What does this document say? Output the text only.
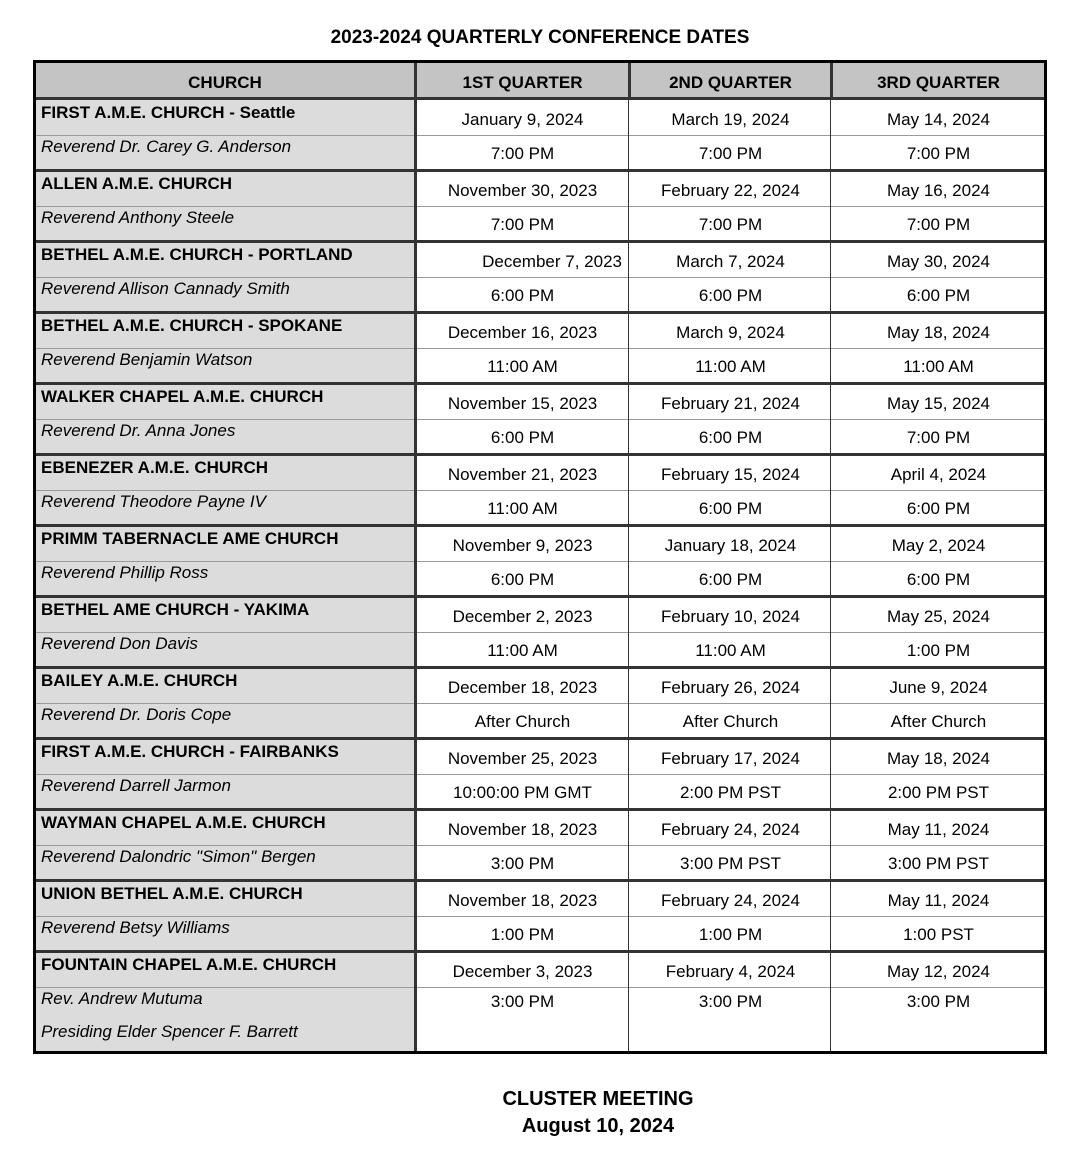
2023-2024 QUARTERLY CONFERENCE DATES
CHURCH	1ST QUARTER	2ND QUARTER	3RD QUARTER
FIRST A.M.E. CHURCH - Seattle	January 9, 2024	March 19, 2024	May 14, 2024
Reverend Dr. Carey G. Anderson	7:00 PM	7:00 PM	7:00 PM
ALLEN A.M.E. CHURCH	November 30, 2023	February 22, 2024	May 16, 2024
Reverend Anthony Steele	7:00 PM	7:00 PM	7:00 PM
BETHEL A.M.E. CHURCH - PORTLAND	December 7, 2023	March 7, 2024	May 30, 2024
Reverend Allison Cannady Smith	6:00 PM	6:00 PM	6:00 PM
BETHEL A.M.E. CHURCH - SPOKANE	December 16, 2023	March 9, 2024	May 18, 2024
Reverend Benjamin Watson	11:00 AM	11:00 AM	11:00 AM
WALKER CHAPEL A.M.E. CHURCH	November 15, 2023	February 21, 2024	May 15, 2024
Reverend Dr. Anna Jones	6:00 PM	6:00 PM	7:00 PM
EBENEZER A.M.E. CHURCH	November 21, 2023	February 15, 2024	April 4, 2024
Reverend Theodore Payne IV	11:00 AM	6:00 PM	6:00 PM
PRIMM TABERNACLE AME CHURCH	November 9, 2023	January 18, 2024	May 2, 2024
Reverend Phillip Ross	6:00 PM	6:00 PM	6:00 PM
BETHEL AME CHURCH - YAKIMA	December 2, 2023	February 10, 2024	May 25, 2024
Reverend Don Davis	11:00 AM	11:00 AM	1:00 PM
BAILEY A.M.E. CHURCH	December 18, 2023	February 26, 2024	June 9, 2024
Reverend Dr. Doris Cope	After Church	After Church	After Church
FIRST A.M.E. CHURCH - FAIRBANKS	November 25, 2023	February 17, 2024	May 18, 2024
Reverend Darrell Jarmon	10:00:00 PM GMT	2:00 PM PST	2:00 PM PST
WAYMAN CHAPEL A.M.E. CHURCH	November 18, 2023	February 24, 2024	May 11, 2024
Reverend Dalondric "Simon" Bergen	3:00 PM	3:00 PM PST	3:00 PM PST
UNION BETHEL A.M.E. CHURCH	November 18, 2023	February 24, 2024	May 11, 2024
Reverend Betsy Williams	1:00 PM	1:00 PM	1:00 PST
FOUNTAIN CHAPEL A.M.E. CHURCH	December 3, 2023	February 4, 2024	May 12, 2024
Rev. Andrew Mutuma	3:00 PM	3:00 PM	3:00 PM
Presiding Elder Spencer F. Barrett
CLUSTER MEETING
August 10, 2024
